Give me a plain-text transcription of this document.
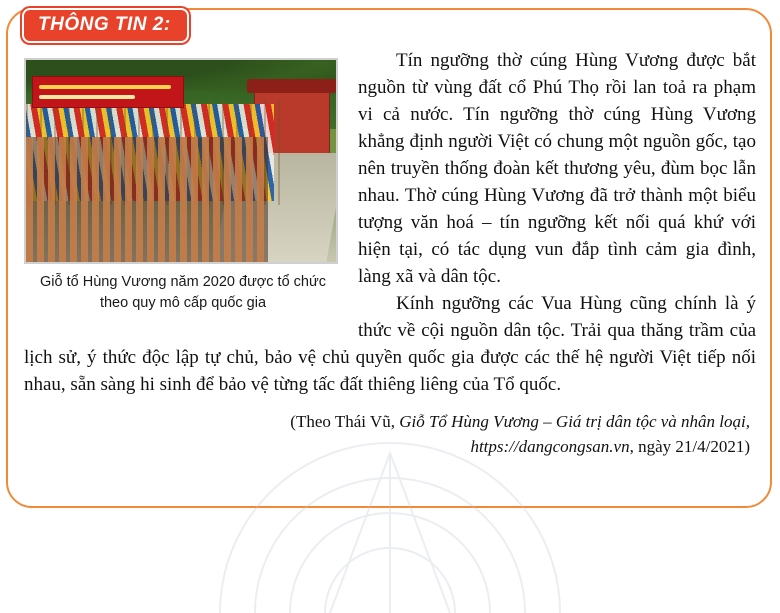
THÔNG TIN 2:
Giỗ tổ Hùng Vương năm 2020 được tổ chức theo quy mô cấp quốc gia

Tín ngưỡng thờ cúng Hùng Vương được bắt nguồn từ vùng đất cổ Phú Thọ rồi lan toả ra phạm vi cả nước. Tín ngưỡng thờ cúng Hùng Vương khẳng định người Việt có chung một nguồn gốc, tạo nên truyền thống đoàn kết thương yêu, đùm bọc lẫn nhau. Thờ cúng Hùng Vương đã trở thành một biểu tượng văn hoá – tín ngưỡng kết nối quá khứ với hiện tại, có tác dụng vun đắp tình cảm gia đình, làng xã và dân tộc.

Kính ngưỡng các Vua Hùng cũng chính là ý thức về cội nguồn dân tộc. Trải qua thăng trầm của lịch sử, ý thức độc lập tự chủ, bảo vệ chủ quyền quốc gia được các thế hệ người Việt tiếp nối nhau, sẵn sàng hi sinh để bảo vệ từng tấc đất thiêng liêng của Tổ quốc.

(Theo Thái Vũ, Giỗ Tổ Hùng Vương – Giá trị dân tộc và nhân loại,
https://dangcongsan.vn, ngày 21/4/2021)
